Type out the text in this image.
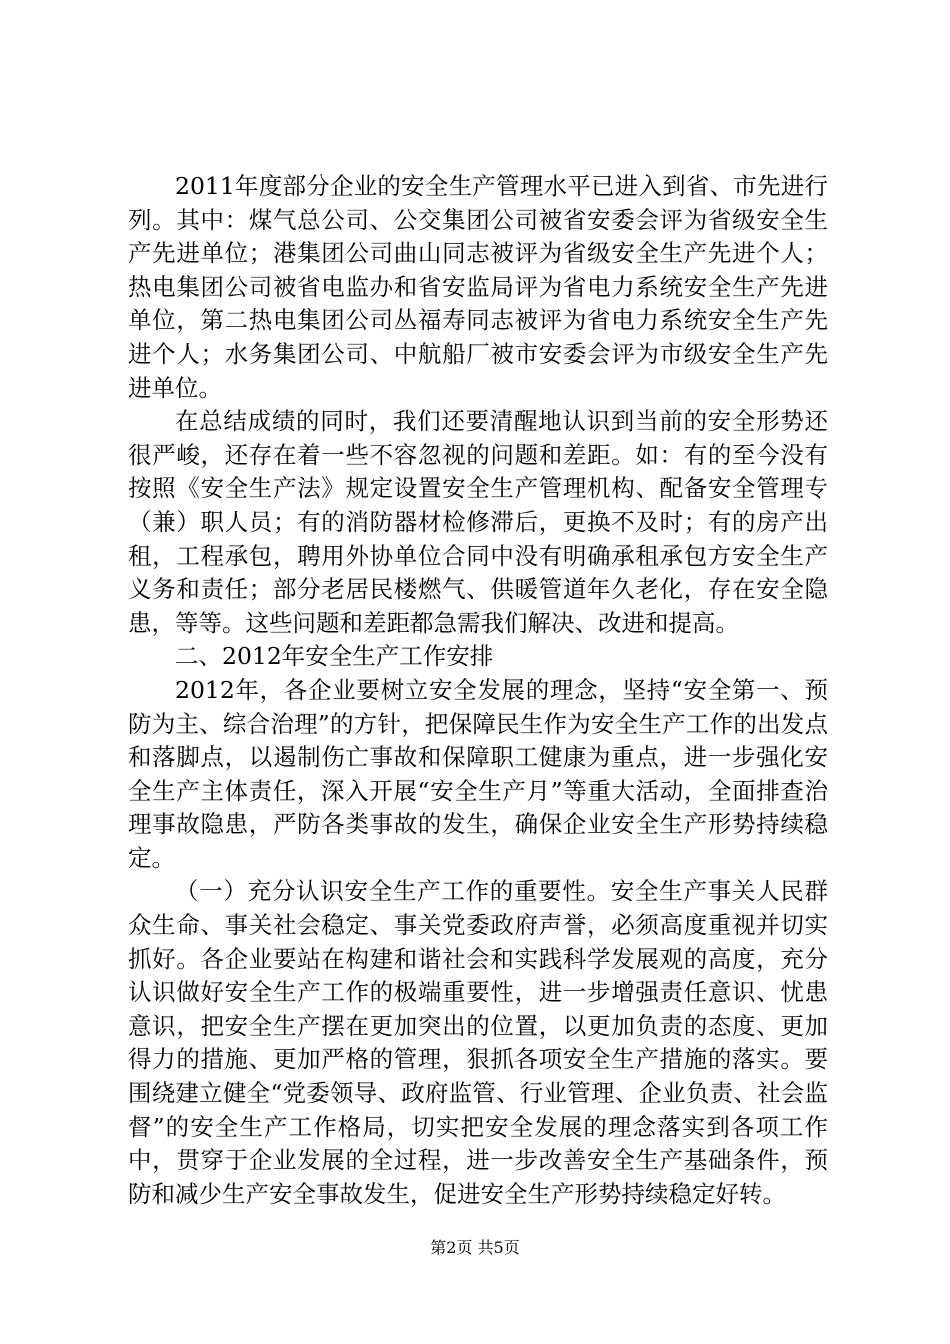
2011年度部分企业的安全生产管理水平已进入到省、市先进行列。其中：煤气总公司、公交集团公司被省安委会评为省级安全生产先进单位；港集团公司曲山同志被评为省级安全生产先进个人；热电集团公司被省电监办和省安监局评为省电力系统安全生产先进单位，第二热电集团公司丛福寿同志被评为省电力系统安全生产先进个人；水务集团公司、中航船厂被市安委会评为市级安全生产先进单位。

在总结成绩的同时，我们还要清醒地认识到当前的安全形势还很严峻，还存在着一些不容忽视的问题和差距。如：有的至今没有按照《安全生产法》规定设置安全生产管理机构、配备安全管理专（兼）职人员；有的消防器材检修滞后，更换不及时；有的房产出租，工程承包，聘用外协单位合同中没有明确承租承包方安全生产义务和责任；部分老居民楼燃气、供暖管道年久老化，存在安全隐患，等等。这些问题和差距都急需我们解决、改进和提高。

二、2012年安全生产工作安排

2012年，各企业要树立安全发展的理念，坚持“安全第一、预防为主、综合治理”的方针，把保障民生作为安全生产工作的出发点和落脚点，以遏制伤亡事故和保障职工健康为重点，进一步强化安全生产主体责任，深入开展“安全生产月”等重大活动，全面排查治理事故隐患，严防各类事故的发生，确保企业安全生产形势持续稳定。

（一）充分认识安全生产工作的重要性。安全生产事关人民群众生命、事关社会稳定、事关党委政府声誉，必须高度重视并切实抓好。各企业要站在构建和谐社会和实践科学发展观的高度，充分认识做好安全生产工作的极端重要性，进一步增强责任意识、忧患意识，把安全生产摆在更加突出的位置，以更加负责的态度、更加得力的措施、更加严格的管理，狠抓各项安全生产措施的落实。要围绕建立健全“党委领导、政府监管、行业管理、企业负责、社会监督”的安全生产工作格局，切实把安全发展的理念落实到各项工作中，贯穿于企业发展的全过程，进一步改善安全生产基础条件，预防和减少生产安全事故发生，促进安全生产形势持续稳定好转。

第2页 共5页
